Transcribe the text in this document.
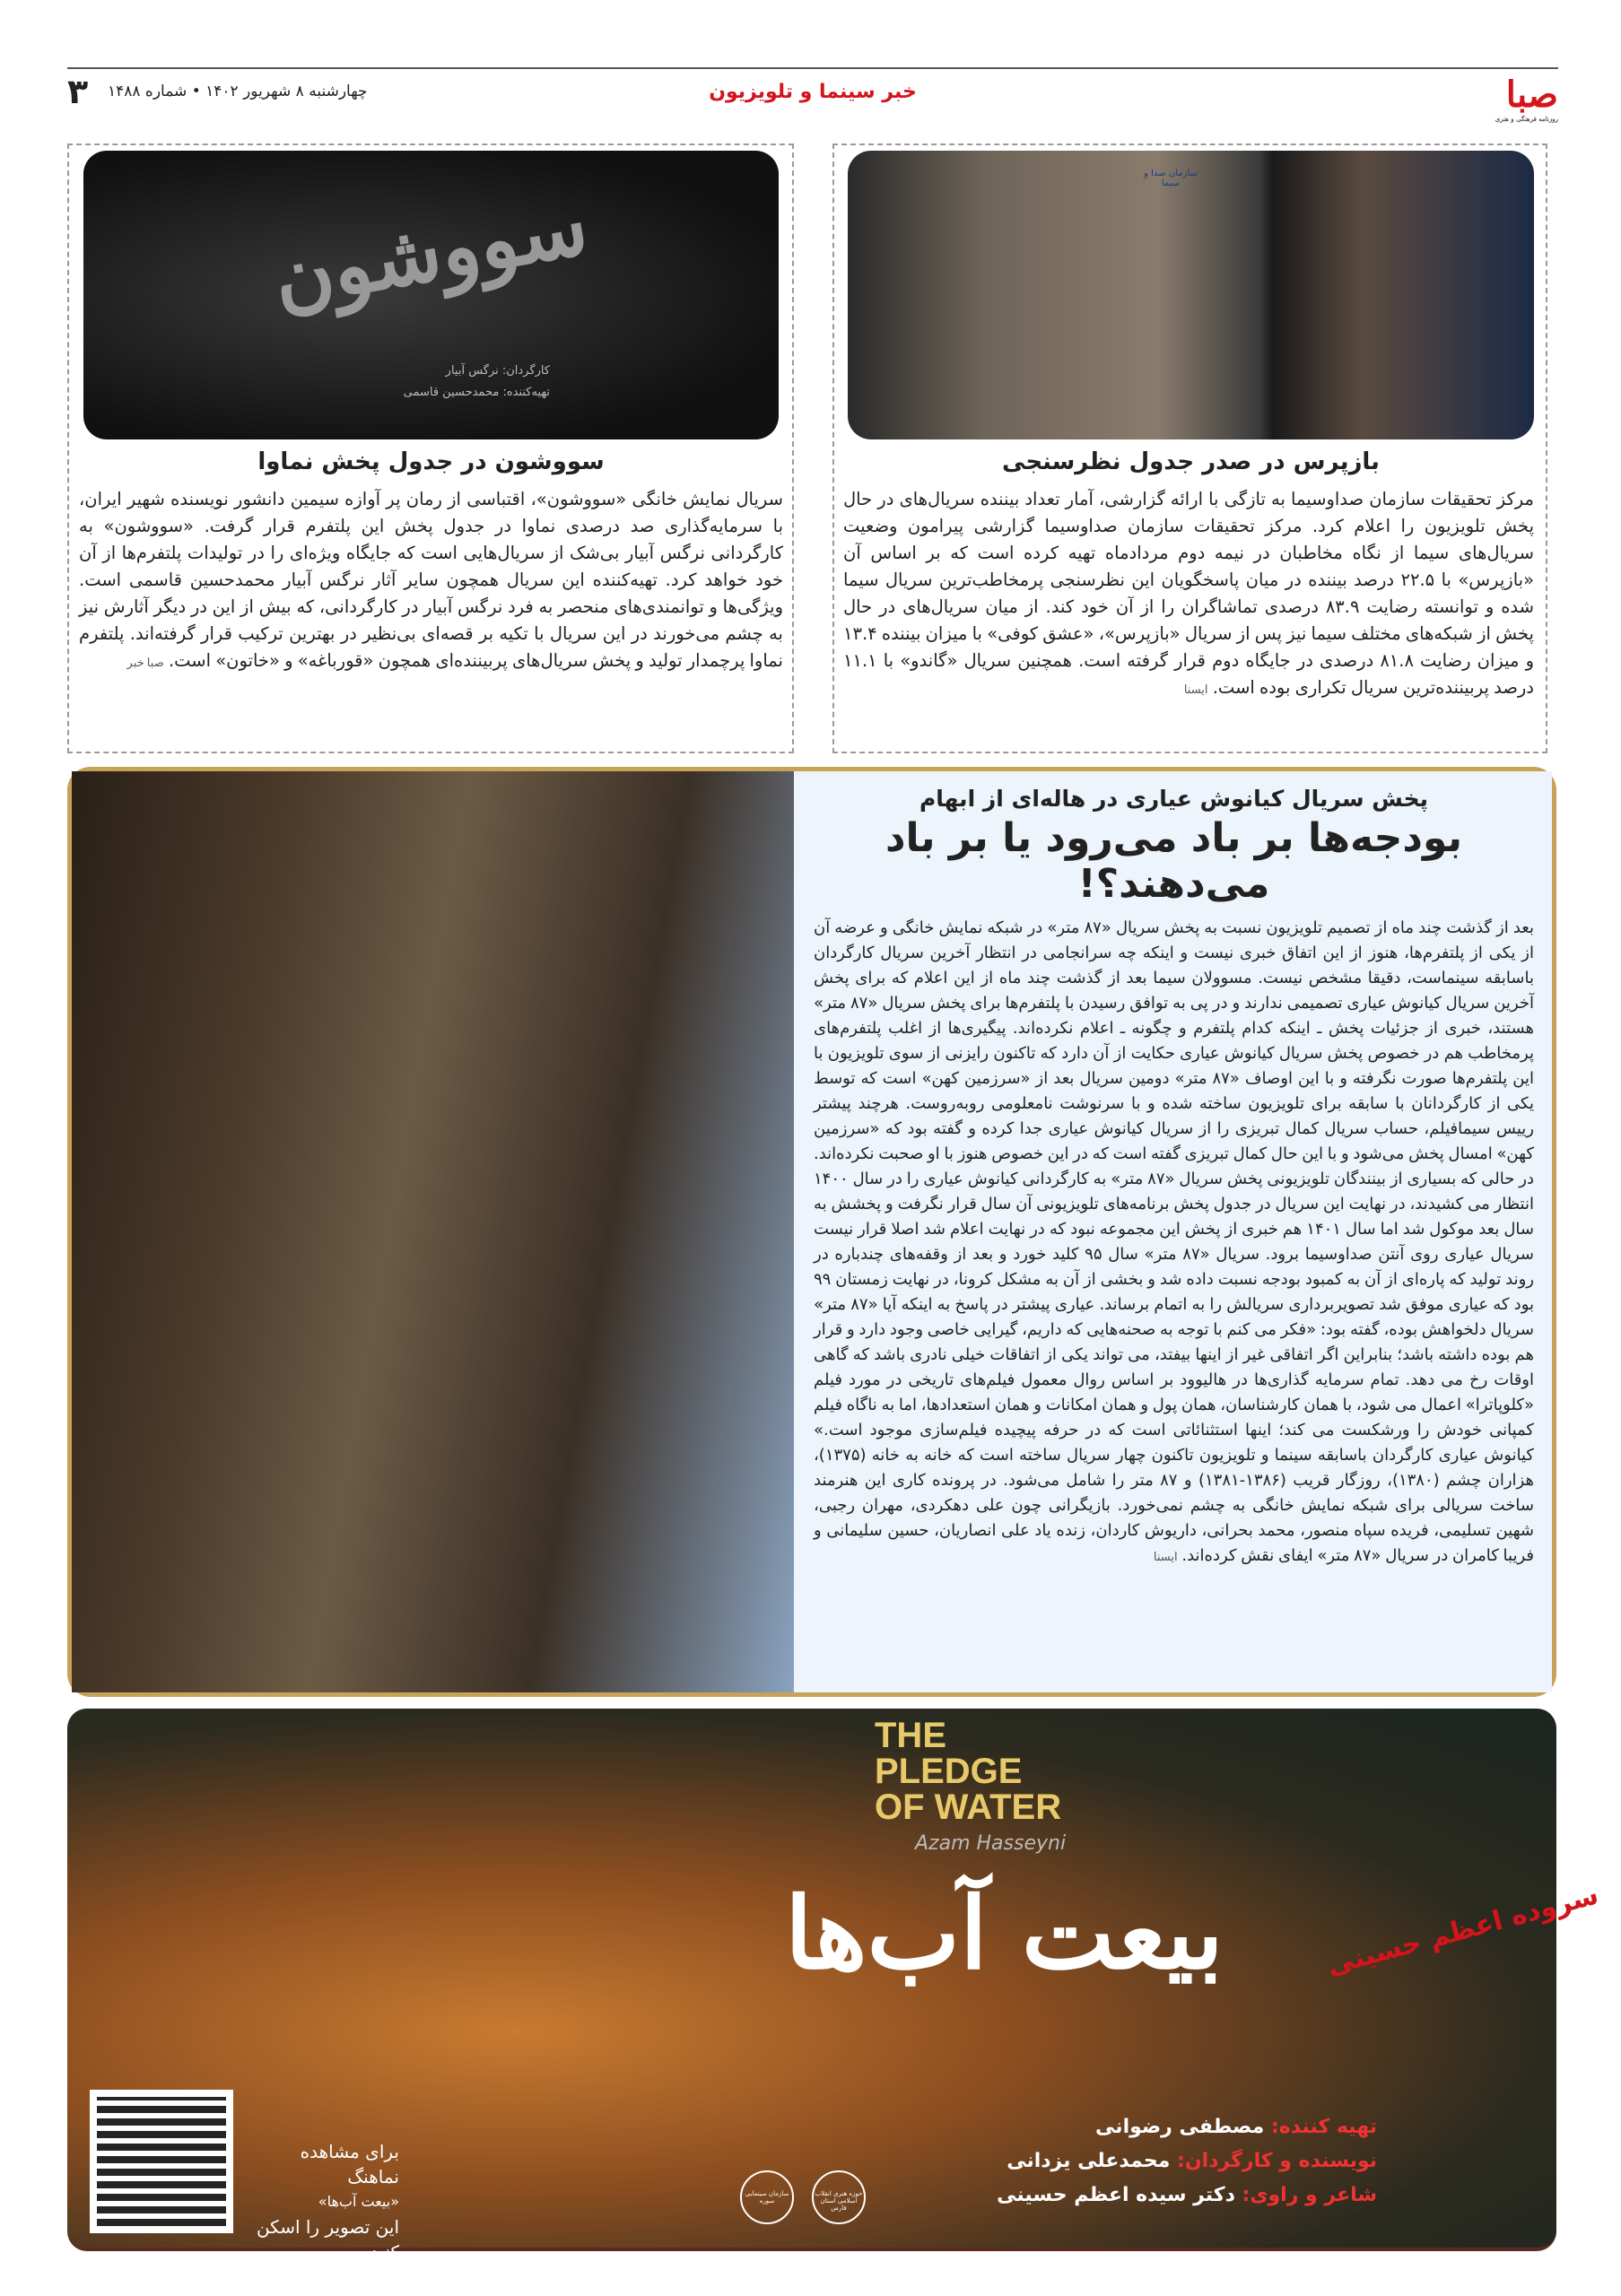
صبا
روزنامه فرهنگی و هنری
خبر سینما و تلویزیون
چهارشنبه ۸ شهریور ۱۴۰۲ • شماره ۱۴۸۸
۳
سازمان صدا و سیما
بازپرس در صدر جدول نظرسنجی
مرکز تحقیقات سازمان صداوسیما به تازگی با ارائه گزارشی، آمار تعداد بیننده سریال‌های در حال پخش تلویزیون را اعلام کرد. مرکز تحقیقات سازمان صداوسیما گزارشی پیرامون وضعیت سریال‌های سیما از نگاه مخاطبان در نیمه دوم مردادماه تهیه کرده است که بر اساس آن «بازپرس» با ۲۲.۵ درصد بیننده در میان پاسخگویان این نظرسنجی پرمخاطب‌ترین سریال سیما شده و توانسته رضایت ۸۳.۹ درصدی تماشاگران را از آن خود کند. از میان سریال‌های در حال پخش از شبکه‌های مختلف سیما نیز پس از سریال «بازپرس»، «عشق کوفی» با میزان بیننده ۱۳.۴ و میزان رضایت ۸۱.۸ درصدی در جایگاه دوم قرار گرفته است. همچنین سریال «گاندو» با ۱۱.۱ درصد پربیننده‌ترین سریال تکراری بوده است. ایسنا
سووشون
کارگردان: نرگس آبیار
تهیه‌کننده: محمدحسین قاسمی
سووشون در جدول پخش نماوا
سریال نمایش خانگی «سووشون»، اقتباسی از رمان پر آوازه سیمین دانشور نویسنده شهیر ایران، با سرمایه‌گذاری صد درصدی نماوا در جدول پخش این پلتفرم قرار گرفت. «سووشون» به کارگردانی نرگس آبیار بی‌شک از سریال‌هایی است که جایگاه ویژه‌ای را در تولیدات پلتفرم‌ها از آن خود خواهد کرد. تهیه‌کننده این سریال همچون سایر آثار نرگس آبیار محمدحسین قاسمی است. ویژگی‌ها و توانمندی‌های منحصر به فرد نرگس آبیار در کارگردانی، که بیش از این در دیگر آثارش نیز به چشم می‌خورند در این سریال با تکیه بر قصه‌ای بی‌نظیر در بهترین ترکیب قرار گرفته‌اند. پلتفرم نماوا پرچمدار تولید و پخش سریال‌های پربیننده‌ای همچون «قورباغه» و «خاتون» است. صبا خبر
پخش سریال کیانوش عیاری در هاله‌ای از ابهام
بودجه‌ها بر باد می‌رود یا بر باد می‌دهند؟!
بعد از گذشت چند ماه از تصمیم تلویزیون نسبت به پخش سریال «۸۷ متر» در شبکه نمایش خانگی و عرضه آن از یکی از پلتفرم‌ها، هنوز از این اتفاق خبری نیست و اینکه چه سرانجامی در انتظار آخرین سریال کارگردان باسابقه سینماست، دقیقا مشخص نیست. مسوولان سیما بعد از گذشت چند ماه از این اعلام که برای پخش آخرین سریال کیانوش عیاری تصمیمی ندارند و در پی به توافق رسیدن با پلتفرم‌ها برای پخش سریال «۸۷ متر» هستند، خبری از جزئیات پخش ـ اینکه کدام پلتفرم و چگونه ـ اعلام نکرده‌اند. پیگیری‌ها از اغلب پلتفرم‌های پرمخاطب هم در خصوص پخش سریال کیانوش عیاری حکایت از آن دارد که تاکنون رایزنی از سوی تلویزیون با این پلتفرم‌ها صورت نگرفته و با این اوصاف «۸۷ متر» دومین سریال بعد از «سرزمین کهن» است که توسط یکی از کارگردانان با سابقه برای تلویزیون ساخته شده و با سرنوشت نامعلومی روبه‌روست. هرچند پیشتر رییس سیمافیلم، حساب سریال کمال تبریزی را از سریال کیانوش عیاری جدا کرده و گفته بود که «سرزمین کهن» امسال پخش می‌شود و با این حال کمال تبریزی گفته است که در این خصوص هنوز با او صحبت نکرده‌اند. در حالی که بسیاری از بینندگان تلویزیونی پخش سریال «۸۷ متر» به کارگردانی کیانوش عیاری را در سال ۱۴۰۰ انتظار می کشیدند، در نهایت این سریال در جدول پخش برنامه‌های تلویزیونی آن سال قرار نگرفت و پخشش به سال بعد موکول شد اما سال ۱۴۰۱ هم خبری از پخش این مجموعه نبود که در نهایت اعلام شد اصلا قرار نیست سریال عیاری روی آنتن صداوسیما برود. سریال «۸۷ متر» سال ۹۵ کلید خورد و بعد از وقفه‌های چندباره در روند تولید که پاره‌ای از آن به کمبود بودجه نسبت داده شد و بخشی از آن به مشکل کرونا، در نهایت زمستان ۹۹ بود که عیاری موفق شد تصویربرداری سریالش را به اتمام برساند. عیاری پیشتر در پاسخ به اینکه آیا «۸۷ متر» سریال دلخواهش بوده، گفته بود: «فکر می کنم با توجه به صحنه‌هایی که داریم، گیرایی خاصی وجود دارد و قرار هم بوده داشته باشد؛ بنابراین اگر اتفاقی غیر از اینها بیفتد، می تواند یکی از اتفاقات خیلی نادری باشد که گاهی اوقات رخ می دهد. تمام سرمایه گذاری‌ها در هالیوود بر اساس روال معمول فیلم‌های تاریخی در مورد فیلم «کلوپاترا» اعمال می شود، با همان کارشناسان، همان پول و همان امکانات و همان استعدادها، اما به ناگاه فیلم کمپانی خودش را ورشکست می کند؛ اینها استثنائاتی است که در حرفه پیچیده فیلم‌سازی موجود است.» کیانوش عیاری کارگردان باسابقه سینما و تلویزیون تاکنون چهار سریال ساخته است که خانه به خانه (۱۳۷۵)، هزاران چشم (۱۳۸۰)، روزگار قریب (۱۳۸۶-۱۳۸۱) و ۸۷ متر را شامل می‌شود. در پرونده کاری این هنرمند ساخت سریالی برای شبکه نمایش خانگی به چشم نمی‌خورد. بازیگرانی چون علی دهکردی، مهران رجبی، شهین تسلیمی، فریده سپاه منصور، محمد بحرانی، داریوش کاردان، زنده یاد علی انصاریان، حسین سلیمانی و فریبا کامران در سریال «۸۷ متر» ایفای نقش کرده‌اند. ایسنا
THE PLEDGE OF WATER
Azam Hasseyni
سروده اعظم حسینی
بیعت آب‌ها
برای مشاهده نماهنگ
«بیعت آب‌ها»
این تصویر را اسکن کنید
تهیه کننده: مصطفی رضوانی
نویسنده و کارگردان: محمدعلی یزدانی
شاعر و راوی: دکتر سیده اعظم حسینی
سازمان سینمایی سوره
حوزه هنری انقلاب اسلامی استان فارس
